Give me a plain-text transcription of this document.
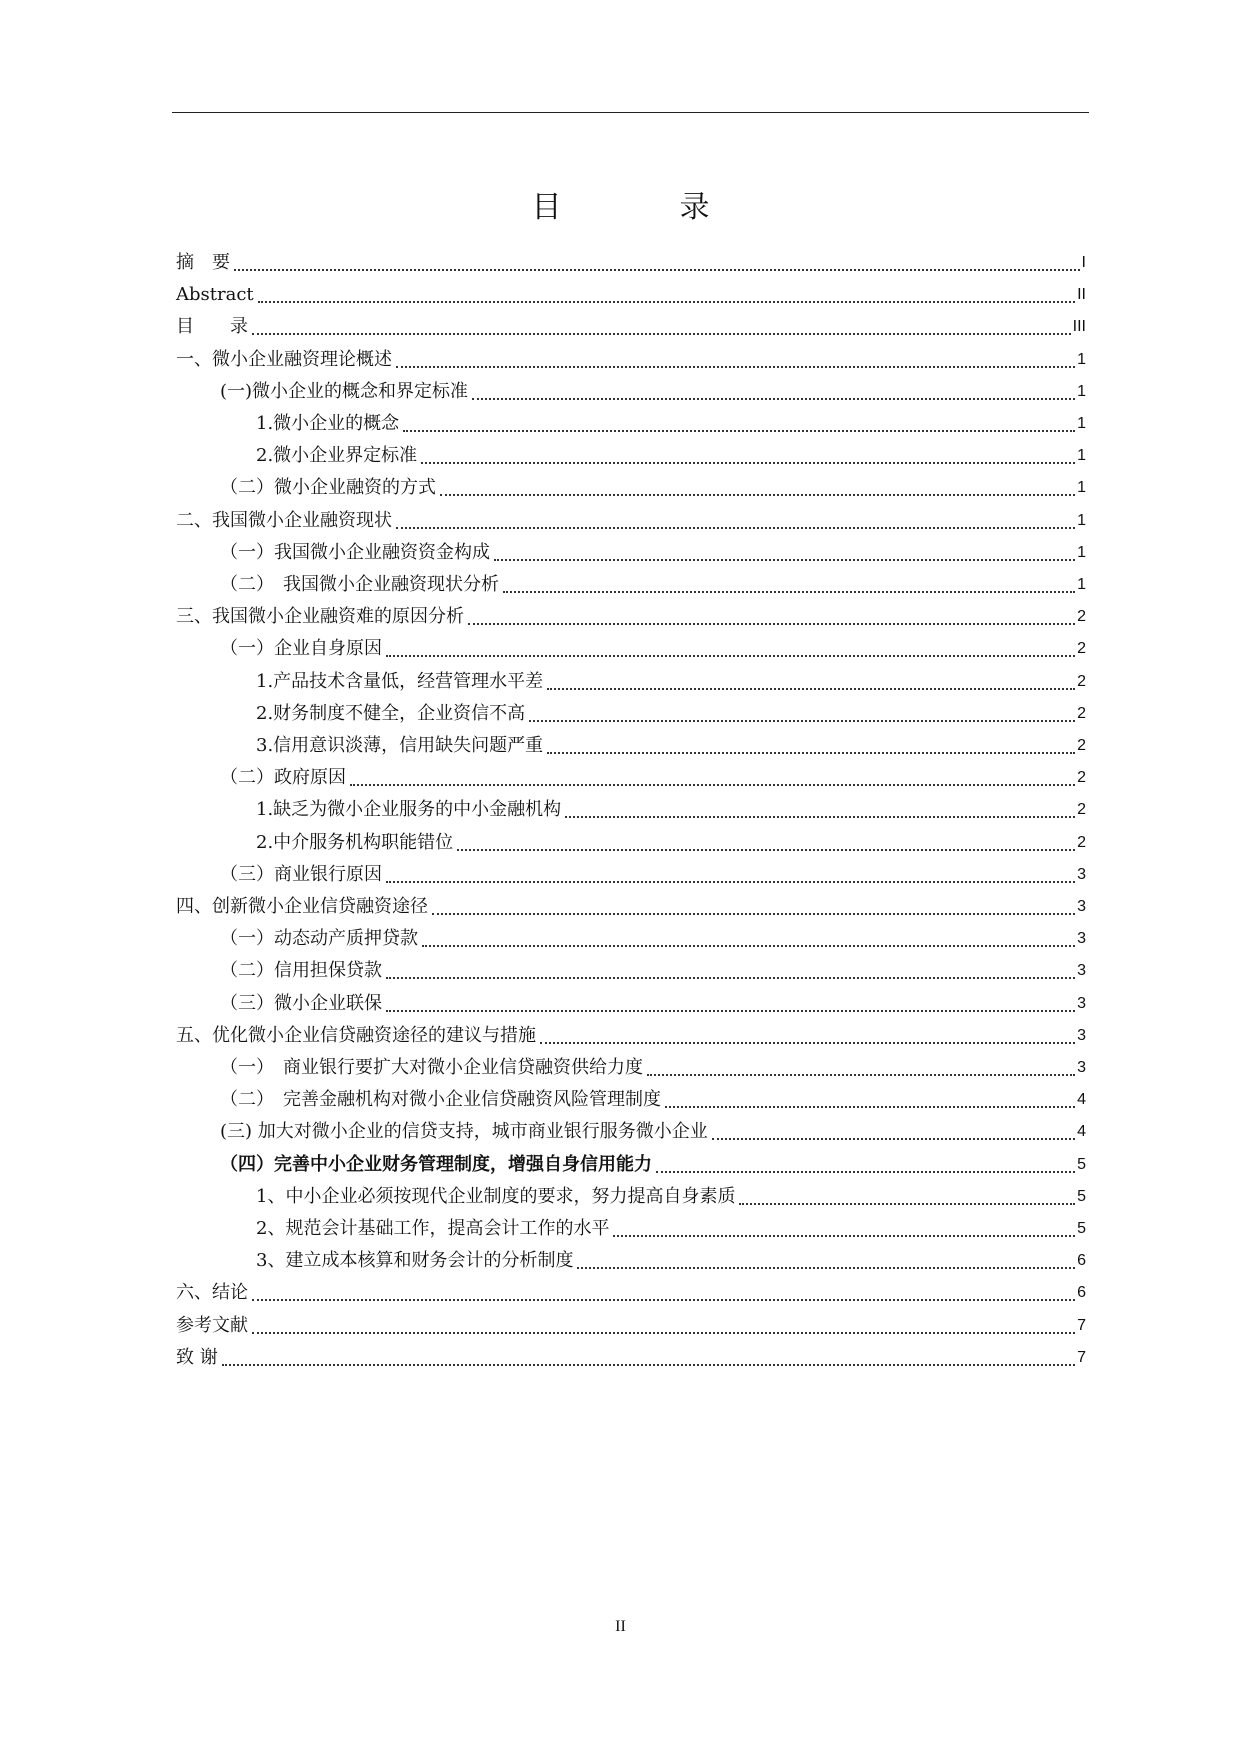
目　录
摘　要	I
Abstract	II
目　　录	III
一、微小企业融资理论概述	1
(一)微小企业的概念和界定标准	1
1.微小企业的概念	1
2.微小企业界定标准	1
（二）微小企业融资的方式	1
二、我国微小企业融资现状	1
（一）我国微小企业融资资金构成	1
（二）　我国微小企业融资现状分析	1
三、我国微小企业融资难的原因分析	2
（一）企业自身原因	2
1.产品技术含量低，经营管理水平差	2
2.财务制度不健全，企业资信不高	2
3.信用意识淡薄，信用缺失问题严重	2
（二）政府原因	2
1.缺乏为微小企业服务的中小金融机构	2
2.中介服务机构职能错位	2
（三）商业银行原因	3
四、创新微小企业信贷融资途径	3
（一）动态动产质押贷款	3
（二）信用担保贷款	3
（三）微小企业联保	3
五、优化微小企业信贷融资途径的建议与措施	3
（一）　商业银行要扩大对微小企业信贷融资供给力度	3
（二）　完善金融机构对微小企业信贷融资风险管理制度	4
(三) 加大对微小企业的信贷支持，城市商业银行服务微小企业	4
（四）完善中小企业财务管理制度，增强自身信用能力	5
1、中小企业必须按现代企业制度的要求，努力提高自身素质	5
2、规范会计基础工作，提高会计工作的水平	5
3、建立成本核算和财务会计的分析制度	6
六、结论	6
参考文献	7
致 谢	7
II
